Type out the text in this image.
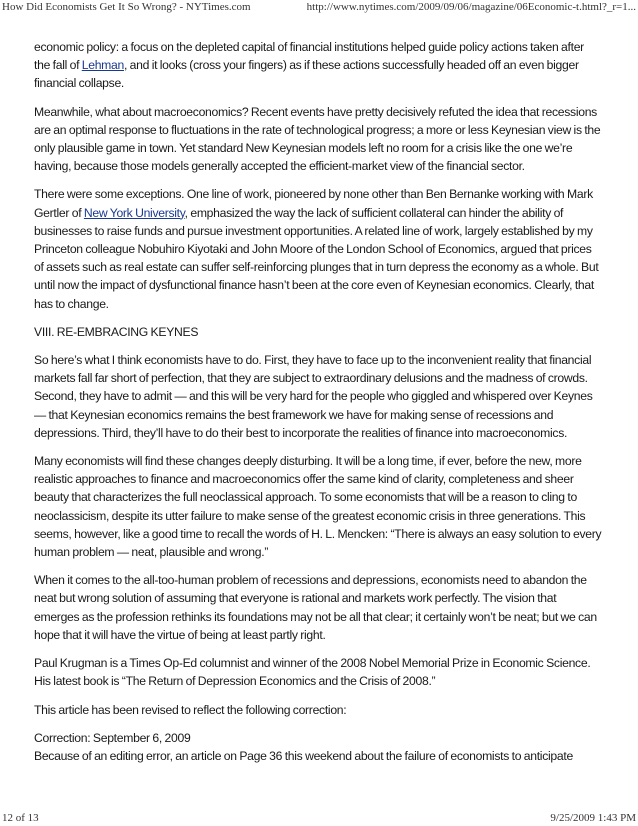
How Did Economists Get It So Wrong? - NYTimes.com	http://www.nytimes.com/2009/09/06/magazine/06Economic-t.html?_r=1...

economic policy: a focus on the depleted capital of financial institutions helped guide policy actions taken after the fall of Lehman, and it looks (cross your fingers) as if these actions successfully headed off an even bigger financial collapse.

Meanwhile, what about macroeconomics? Recent events have pretty decisively refuted the idea that recessions are an optimal response to fluctuations in the rate of technological progress; a more or less Keynesian view is the only plausible game in town. Yet standard New Keynesian models left no room for a crisis like the one we’re having, because those models generally accepted the efficient-market view of the financial sector.

There were some exceptions. One line of work, pioneered by none other than Ben Bernanke working with Mark Gertler of New York University, emphasized the way the lack of sufficient collateral can hinder the ability of businesses to raise funds and pursue investment opportunities. A related line of work, largely established by my Princeton colleague Nobuhiro Kiyotaki and John Moore of the London School of Economics, argued that prices of assets such as real estate can suffer self-reinforcing plunges that in turn depress the economy as a whole. But until now the impact of dysfunctional finance hasn’t been at the core even of Keynesian economics. Clearly, that has to change.

VIII. RE-EMBRACING KEYNES

So here’s what I think economists have to do. First, they have to face up to the inconvenient reality that financial markets fall far short of perfection, that they are subject to extraordinary delusions and the madness of crowds. Second, they have to admit — and this will be very hard for the people who giggled and whispered over Keynes — that Keynesian economics remains the best framework we have for making sense of recessions and depressions. Third, they’ll have to do their best to incorporate the realities of finance into macroeconomics.

Many economists will find these changes deeply disturbing. It will be a long time, if ever, before the new, more realistic approaches to finance and macroeconomics offer the same kind of clarity, completeness and sheer beauty that characterizes the full neoclassical approach. To some economists that will be a reason to cling to neoclassicism, despite its utter failure to make sense of the greatest economic crisis in three generations. This seems, however, like a good time to recall the words of H. L. Mencken: “There is always an easy solution to every human problem — neat, plausible and wrong.”

When it comes to the all-too-human problem of recessions and depressions, economists need to abandon the neat but wrong solution of assuming that everyone is rational and markets work perfectly. The vision that emerges as the profession rethinks its foundations may not be all that clear; it certainly won’t be neat; but we can hope that it will have the virtue of being at least partly right.

Paul Krugman is a Times Op-Ed columnist and winner of the 2008 Nobel Memorial Prize in Economic Science. His latest book is “The Return of Depression Economics and the Crisis of 2008.”

This article has been revised to reflect the following correction:

Correction: September 6, 2009

Because of an editing error, an article on Page 36 this weekend about the failure of economists to anticipate

12 of 13	9/25/2009 1:43 PM
